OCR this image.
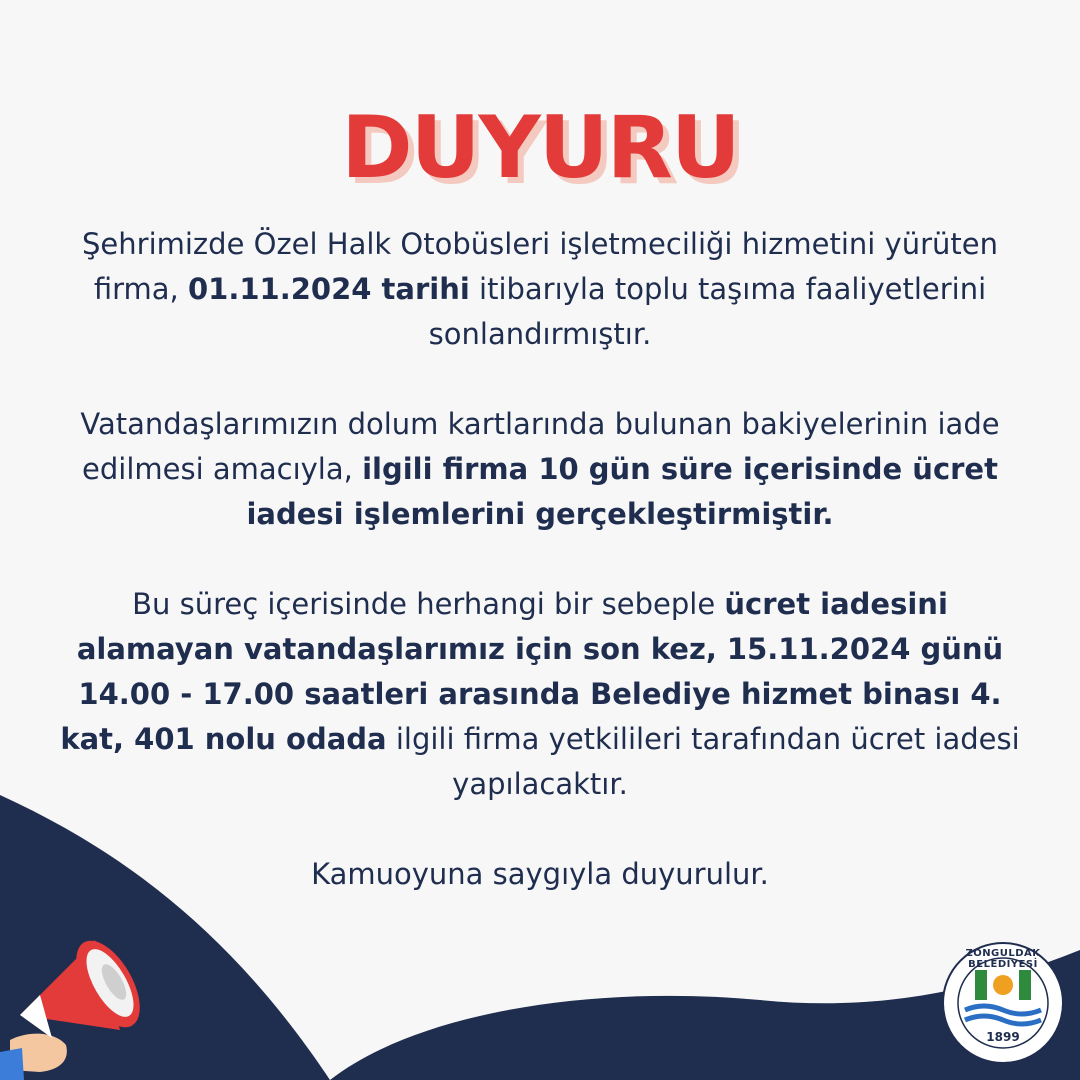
DUYURU

Şehrimizde Özel Halk Otobüsleri işletmeciliği hizmetini yürüten firma, 01.11.2024 tarihi itibarıyla toplu taşıma faaliyetlerini sonlandırmıştır.

Vatandaşlarımızın dolum kartlarında bulunan bakiyelerinin iade edilmesi amacıyla, ilgili firma 10 gün süre içerisinde ücret iadesi işlemlerini gerçekleştirmiştir.

Bu süreç içerisinde herhangi bir sebeple ücret iadesini alamayan vatandaşlarımız için son kez, 15.11.2024 günü 14.00 - 17.00 saatleri arasında Belediye hizmet binası 4. kat, 401 nolu odada ilgili firma yetkilileri tarafından ücret iadesi yapılacaktır.

Kamuoyuna saygıyla duyurulur.

ZONGULDAK BELEDİYESİ
1899
